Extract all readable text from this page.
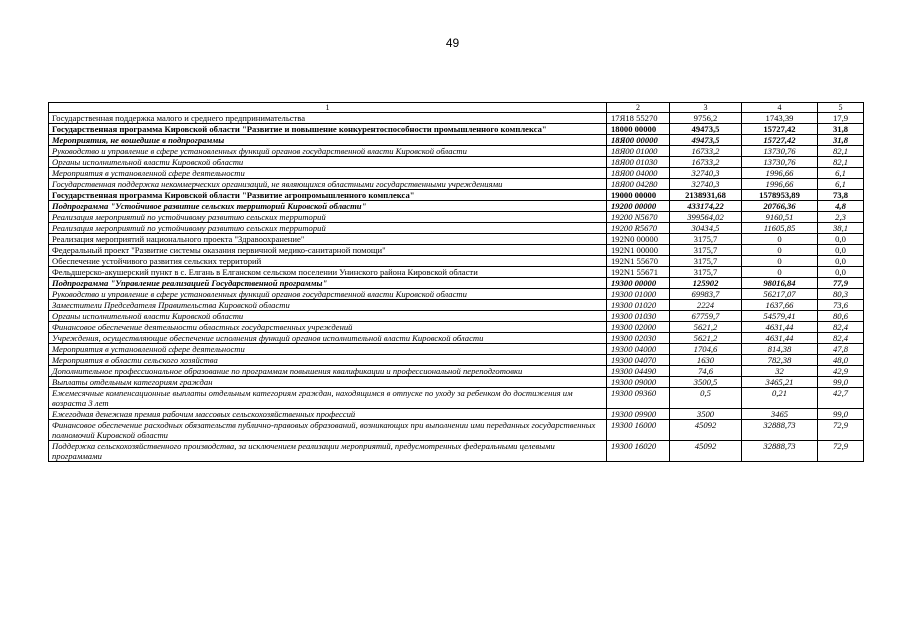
49
1	2	3	4	5
Государственная поддержка малого и среднего предпринимательства	17Я18 55270	9756,2	1743,39	17,9
Государственная программа Кировской области "Развитие и повышение конкурентоспособности промышленного комплекса"	18000 00000	49473,5	15727,42	31,8
Мероприятия, не вошедшие в подпрограммы	18Я00 00000	49473,5	15727,42	31,8
Руководство и управление в сфере установленных функций органов государственной власти Кировской области	18Я00 01000	16733,2	13730,76	82,1
Органы исполнительной власти Кировской области	18Я00 01030	16733,2	13730,76	82,1
Мероприятия в установленной сфере деятельности	18Я00 04000	32740,3	1996,66	6,1
Государственная поддержка некоммерческих организаций, не являющихся областными государственными учреждениями	18Я00 04280	32740,3	1996,66	6,1
Государственная программа Кировской области "Развитие агропромышленного комплекса"	19000 00000	2138931,68	1578953,89	73,8
Подпрограмма "Устойчивое развитие сельских территорий Кировской области"	19200 00000	433174,22	20766,36	4,8
Реализация мероприятий по устойчивому развитию сельских территорий	19200 N5670	399564,02	9160,51	2,3
Реализация мероприятий по устойчивому развитию сельских территорий	19200 R5670	30434,5	11605,85	38,1
Реализация мероприятий национального проекта "Здравоохранение"	192N0 00000	3175,7	0	0,0
Федеральный проект "Развитие системы оказания первичной медико-санитарной помощи"	192N1 00000	3175,7	0	0,0
Обеспечение устойчивого развития сельских территорий	192N1 55670	3175,7	0	0,0
Фельдшерско-акушерский пункт в с. Елгань в Елганском сельском поселении Унинского района Кировской области	192N1 55671	3175,7	0	0,0
Подпрограмма "Управление реализацией Государственной программы"	19300 00000	125902	98016,84	77,9
Руководство и управление в сфере установленных функций органов государственной власти Кировской области	19300 01000	69983,7	56217,07	80,3
Заместители Председателя Правительства Кировской области	19300 01020	2224	1637,66	73,6
Органы исполнительной власти Кировской области	19300 01030	67759,7	54579,41	80,6
Финансовое обеспечение деятельности областных государственных учреждений	19300 02000	5621,2	4631,44	82,4
Учреждения, осуществляющие обеспечение исполнения функций органов исполнительной власти Кировской области	19300 02030	5621,2	4631,44	82,4
Мероприятия в установленной сфере деятельности	19300 04000	1704,6	814,38	47,8
Мероприятия в области сельского хозяйства	19300 04070	1630	782,38	48,0
Дополнительное профессиональное образование по программам повышения квалификации и профессиональной переподготовки	19300 04490	74,6	32	42,9
Выплаты отдельным категориям граждан	19300 09000	3500,5	3465,21	99,0
Ежемесячные компенсационные выплаты отдельным категориям граждан, находящимся в отпуске по уходу за ребенком до достижения им возраста 3 лет	19300 09360	0,5	0,21	42,7
Ежегодная денежная премия рабочим массовых сельскохозяйственных профессий	19300 09900	3500	3465	99,0
Финансовое обеспечение расходных обязательств публично-правовых образований, возникающих при выполнении ими переданных государственных полномочий Кировской области	19300 16000	45092	32888,73	72,9
Поддержка сельскохозяйственного производства, за исключением реализации мероприятий, предусмотренных федеральными целевыми программами	19300 16020	45092	32888,73	72,9
